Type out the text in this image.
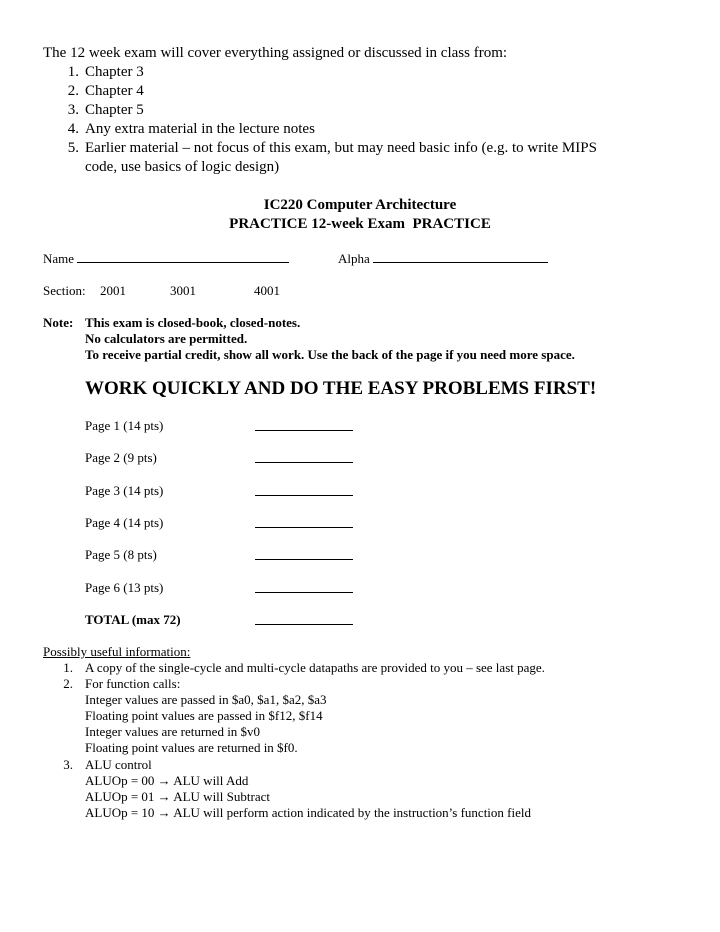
The 12 week exam will cover everything assigned or discussed in class from:
1. Chapter 3
2. Chapter 4
3. Chapter 5
4. Any extra material in the lecture notes
5. Earlier material – not focus of this exam, but may need basic info (e.g. to write MIPS
code, use basics of logic design)
IC220 Computer Architecture
PRACTICE 12-week Exam  PRACTICE
Name	Alpha
Section: 2001	3001	4001
Note: This exam is closed-book, closed-notes.
No calculators are permitted.
To receive partial credit, show all work. Use the back of the page if you need more space.
WORK QUICKLY AND DO THE EASY PROBLEMS FIRST!
Page 1 (14 pts)
Page 2 (9 pts)
Page 3 (14 pts)
Page 4 (14 pts)
Page 5 (8 pts)
Page 6 (13 pts)
TOTAL (max 72)
Possibly useful information:
1. A copy of the single-cycle and multi-cycle datapaths are provided to you – see last page.
2. For function calls:
Integer values are passed in $a0, $a1, $a2, $a3
Floating point values are passed in $f12, $f14
Integer values are returned in $v0
Floating point values are returned in $f0.
3. ALU control
ALUOp = 00 → ALU will Add
ALUOp = 01 → ALU will Subtract
ALUOp = 10 → ALU will perform action indicated by the instruction’s function field
